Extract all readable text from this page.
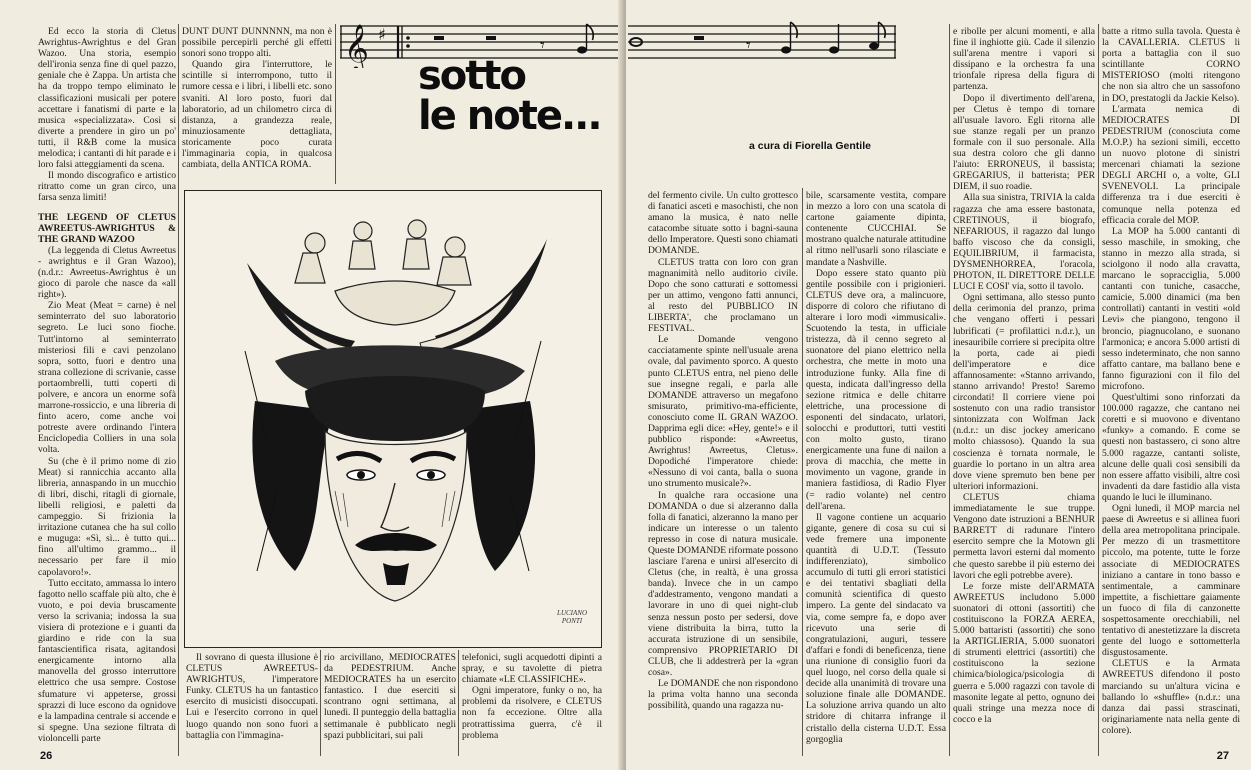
Ed ecco la storia di Cletus Awrightus-Awrightus e del Gran Wazoo. Una storia, esempio dell'ironia senza fine di quel pazzo, geniale che è Zappa. Un artista che ha da troppo tempo eliminato le classificazioni musicali per potere accettare i fanatismi di parte e la musica «specializzata». Così si diverte a prendere in giro un po' tutti, il R&B come la musica melodica; i cantanti di hit parade e i loro falsi atteggiamenti da scena.

Il mondo discografico e artistico ritratto come un gran circo, una farsa senza limiti!

THE LEGEND OF CLETUS AWREETUS-AWRIGHTUS & THE GRAND WAZOO

(La leggenda di Cletus Awreetus - awrightus e il Gran Wazoo), (n.d.r.: Awreetus-Awrightus è un gioco di parole che nasce da «all right»).

Zio Meat (Meat = carne) è nel seminterrato del suo laboratorio segreto. Le luci sono fioche. Tutt'intorno al seminterrato misteriosi fili e cavi penzolano sopra, sotto, fuori e dentro una strana collezione di scrivanie, casse portaombrelli, tutti coperti di polvere, e ancora un enorme sofà marrone-rossiccio, e una libreria di finto acero, come anche voi potreste avere ordinando l'intera Enciclopedia Colliers in una sola volta.

Su (che è il primo nome di zio Meat) si rannicchia accanto alla libreria, annaspando in un mucchio di libri, dischi, ritagli di giornale, libelli religiosi, e paletti da campeggio. Si frizionia la irritazione cutanea che ha sul collo e muguga: «Sì, sì... è tutto qui... fino all'ultimo grammo... il necessario per fare il mio capolavoro!».

Tutto eccitato, ammassa lo intero fagotto nello scaffale più alto, che è vuoto, e poi devia bruscamente verso la scrivania; indossa la sua visiera di protezione e i guanti da giardino e ride con la sua fantascientifica risata, agitandosi energicamente intorno alla manovella del grosso interruttore elettrico che usa sempre. Costose sfumature vi appeterse, grossi sprazzi di luce escono da ognidove e la lampadina centrale si accende e si spegne. Una sezione filtrata di violoncelli parte

DUNT DUNT DUNNNNN, ma non è possibile percepirli perché gli effetti sonori sono troppo alti.

Quando gira l'interruttore, le scintille si interrompono, tutto il rumore cessa e i libri, i libelli etc. sono svaniti. Al loro posto, fuori dal laboratorio, ad un chilometro circa di distanza, a grandezza reale, minuziosamente dettagliata, storicamente poco curata l'immaginaria copia, in qualcosa cambiata, della ANTICA ROMA.

𝄞 ♯
𝄾
sotto
le note...
LUCIANO
PONTI

Il sovrano di questa illusione è CLETUS AWREETUS-AWRIGHTUS, l'imperatore Funky. CLETUS ha un fantastico esercito di musicisti disoccupati. Lui e l'esercito corrono in quel luogo quando non sono fuori a battaglia con l'immagina-

rio arcivillano, MEDIOCRATES da PEDESTRIUM. Anche MEDIOCRATES ha un esercito fantastico. I due eserciti si scontrano ogni settimana, al lunedì. Il punteggio della battaglia settimanale è pubblicato negli spazi pubblicitari, sui pali

telefonici, sugli acquedotti dipinti a spray, e su tavolette di pietra chiamate «LE CLASSIFICHE».

Ogni imperatore, funky o no, ha problemi da risolvere, e CLETUS non fa eccezione. Oltre alla protrattissima guerra, c'è il problema

26
𝄾

del fermento civile. Un culto grottesco di fanatici asceti e masochisti, che non amano la musica, è nato nelle catacombe situate sotto i bagni-sauna dello Imperatore. Questi sono chiamati DOMANDE.

CLETUS tratta con loro con gran magnanimità nello auditorio civile. Dopo che sono catturati e sottomessi per un attimo, vengono fatti annunci, al resto del PUBBLICO IN LIBERTA', che proclamano un FESTIVAL.

Le Domande vengono cacciatamente spinte nell'usuale arena ovale, dal pavimento sporco. A questo punto CLETUS entra, nel pieno delle sue insegne regali, e parla alle DOMANDE attraverso un megafono smisurato, primitivo-ma-efficiente, conosciuto come IL GRAN WAZOO. Dapprima egli dice: «Hey, gente!» e il pubblico risponde: «Awreetus, Awrightus! Awreetus, Cletus». Dopodiché l'imperatore chiede: «Nessuno di voi canta, balla o suona uno strumento musicale?».

In qualche rara occasione una DOMANDA o due si alzeranno dalla folla di fanatici, alzeranno la mano per indicare un interesse o un talento represso in cose di natura musicale. Queste DOMANDE riformate possono lasciare l'arena e unirsi all'esercito di Cletus (che, in realtà, è una grossa banda). Invece che in un campo d'addestramento, vengono mandati a lavorare in uno di quei night-club senza nessun posto per sedersi, dove viene distribuita la birra, tutto la accurata istruzione di un sensibile, comprensivo PROPRIETARIO DI CLUB, che li addestrerà per la «gran cosa».

Le DOMANDE che non rispondono la prima volta hanno una seconda possibilità, quando una ragazza nu-

bile, scarsamente vestita, compare in mezzo a loro con una scatola di cartone gaiamente dipinta, contenente CUCCHIAI. Se mostrano qualche naturale attitudine al ritmo nell'usarli sono rilasciate e mandate a Nashville.

Dopo essere stato quanto più gentile possibile con i prigionieri. CLETUS deve ora, a malincuore, disporre di coloro che rifiutano di alterare i loro modi «immusicali». Scuotendo la testa, in ufficiale tristezza, dà il cenno segreto al suonatore del piano elettrico nella orchestra, che mette in moto una introduzione funky. Alla fine di questa, indicata dall'ingresso della sezione ritmica e delle chitarre elettriche, una processione di esponenti del sindacato, urlatori, solocchi e produttori, tutti vestiti con molto gusto, tirano energicamente una fune di nailon a prova di macchia, che mette in movimento un vagone, grande in maniera fastidiosa, di Radio Flyer (= radio volante) nel centro dell'arena.

Il vagone contiene un acquario gigante, genere di cosa su cui si vede fremere una imponente quantità di U.D.T. (Tessuto indifferenziato), simbolico accumulo di tutti gli errori statistici e dei tentativi sbagliati della comunità scientifica di questo impero. La gente del sindacato va via, come sempre fa, e dopo aver ricevuto una serie di congratulazioni, auguri, tessere d'affari e fondi di beneficenza, tiene una riunione di consiglio fuori da quel luogo, nel corso della quale si decide alla unanimità di trovare una soluzione finale alle DOMANDE. La soluzione arriva quando un alto stridore di chitarra infrange il cristallo della cisterna U.D.T. Essa gorgoglia

e ribolle per alcuni momenti, e alla fine il inghiotte giù. Cade il silenzio sull'arena mentre i vapori si dissipano e la orchestra fa una trionfale ripresa della figura di partenza.

Dopo il divertimento dell'arena, per Cletus è tempo di tornare all'usuale lavoro. Egli ritorna alle sue stanze regali per un pranzo formale con il suo personale. Alla sua destra coloro che gli danno l'aiuto: ERRONEUS, il bassista; GREGARIUS, il batterista; PER DIEM, il suo roadie.

Alla sua sinistra, TRIVIA la calda ragazza che ama essere bastonata, CRETINOUS, il biografo, NEFARIOUS, il ragazzo dal lungo baffo viscoso che da consigli, EQUILIBRIUM, il farmacista, DYSMENHORREA, l'oracola, PHOTON, IL DIRETTORE DELLE LUCI E COSI' via, sotto il tavolo.

Ogni settimana, allo stesso punto della cerimonia del pranzo, prima che vengano offerti i pessari lubrificati (= profilattici n.d.r.), un inesauribile corriere si precipita oltre la porta, cade ai piedi dell'imperatore e dice affannosamente: «Stanno arrivando, stanno arrivando! Presto! Saremo circondati! Il corriere viene poi sostenuto con una radio transistor sintonizzata con Wolfman Jack (n.d.r.: un disc jockey americano molto chiassoso). Quando la sua coscienza è tornata normale, le guardie lo portano in un altra area dove viene spremuto ben bene per ulteriori informazioni.

CLETUS chiama immediatamente le sue truppe. Vengono date istruzioni a BENHUR BARRETT di radunare l'intero esercito sempre che la Motown gli permetta lavori esterni dal momento che questo sarebbe il più esterno dei lavori che egli potrebbe avere).

Le forze miste dell'ARMATA AWREETUS includono 5.000 suonatori di ottoni (assortiti) che costituiscono la FORZA AEREA, 5.000 battaristi (assortiti) che sono la ARTIGLIERIA, 5.000 suonatori di strumenti elettrici (assortiti) che costituiscono la sezione chimica/biologica/psicologia di guerra e 5.000 ragazzi con tavole di masonite legate al petto, ognuno dei quali stringe una mezza noce di cocco e la

batte a ritmo sulla tavola. Questa è la CAVALLERIA. CLETUS li porta a battaglia con il suo scintillante CORNO MISTERIOSO (molti ritengono che non sia altro che un sassofono in DO, prestatogli da Jackie Kelso).

L'armata nemica di MEDIOCRATES DI PEDESTRIUM (conosciuta come M.O.P.) ha sezioni simili, eccetto un nuovo plotone di sinistri mercenari chiamati la sezione DEGLI ARCHI o, a volte, GLI SVENEVOLI. La principale differenza tra i due eserciti è comunque nella potenza ed efficacia corale del MOP.

La MOP ha 5.000 cantanti di sesso maschile, in smoking, che stanno in mezzo alla strada, si sciolgono il nodo alla cravatta, marcano le sopracciglia, 5.000 cantanti con tuniche, casacche, camicie, 5.000 dinamici (ma ben controllati) cantanti in vestiti «old Levi» che piangono, tengono il broncio, piagnucolano, e suonano l'armonica; e ancora 5.000 artisti di sesso indeterminato, che non sanno affatto cantare, ma ballano bene e fanno figurazioni con il filo del microfono.

Quest'ultimi sono rinforzati da 100.000 ragazze, che cantano nei coretti e si muovono e diventano «funky» a comando. E come se questi non bastassero, ci sono altre 5.000 ragazze, cantanti soliste, alcune delle quali così sensibili da non essere affatto visibili, altre così invadenti da dare fastidio alla vista quando le luci le illuminano.

Ogni lunedì, il MOP marcia nel paese di Awreetus e si allinea fuori della area metropolitana principale. Per mezzo di un trasmettitore piccolo, ma potente, tutte le forze associate di MEDIOCRATES iniziano a cantare in tono basso e sentimentale, a camminare impettite, a fischiettare gaiamente un fuoco di fila di canzonette sospettosamente orecchiabili, nel tentativo di anestetizzare la discreta gente del luogo e sottometterla disgustosamente.

CLETUS e la Armata AWREETUS difendono il posto marciando su un'altura vicina e ballando lo «shuffle» (n.d.r.: una danza dai passi strascinati, originariamente nata nella gente di colore).

27
a cura di Fiorella Gentile
